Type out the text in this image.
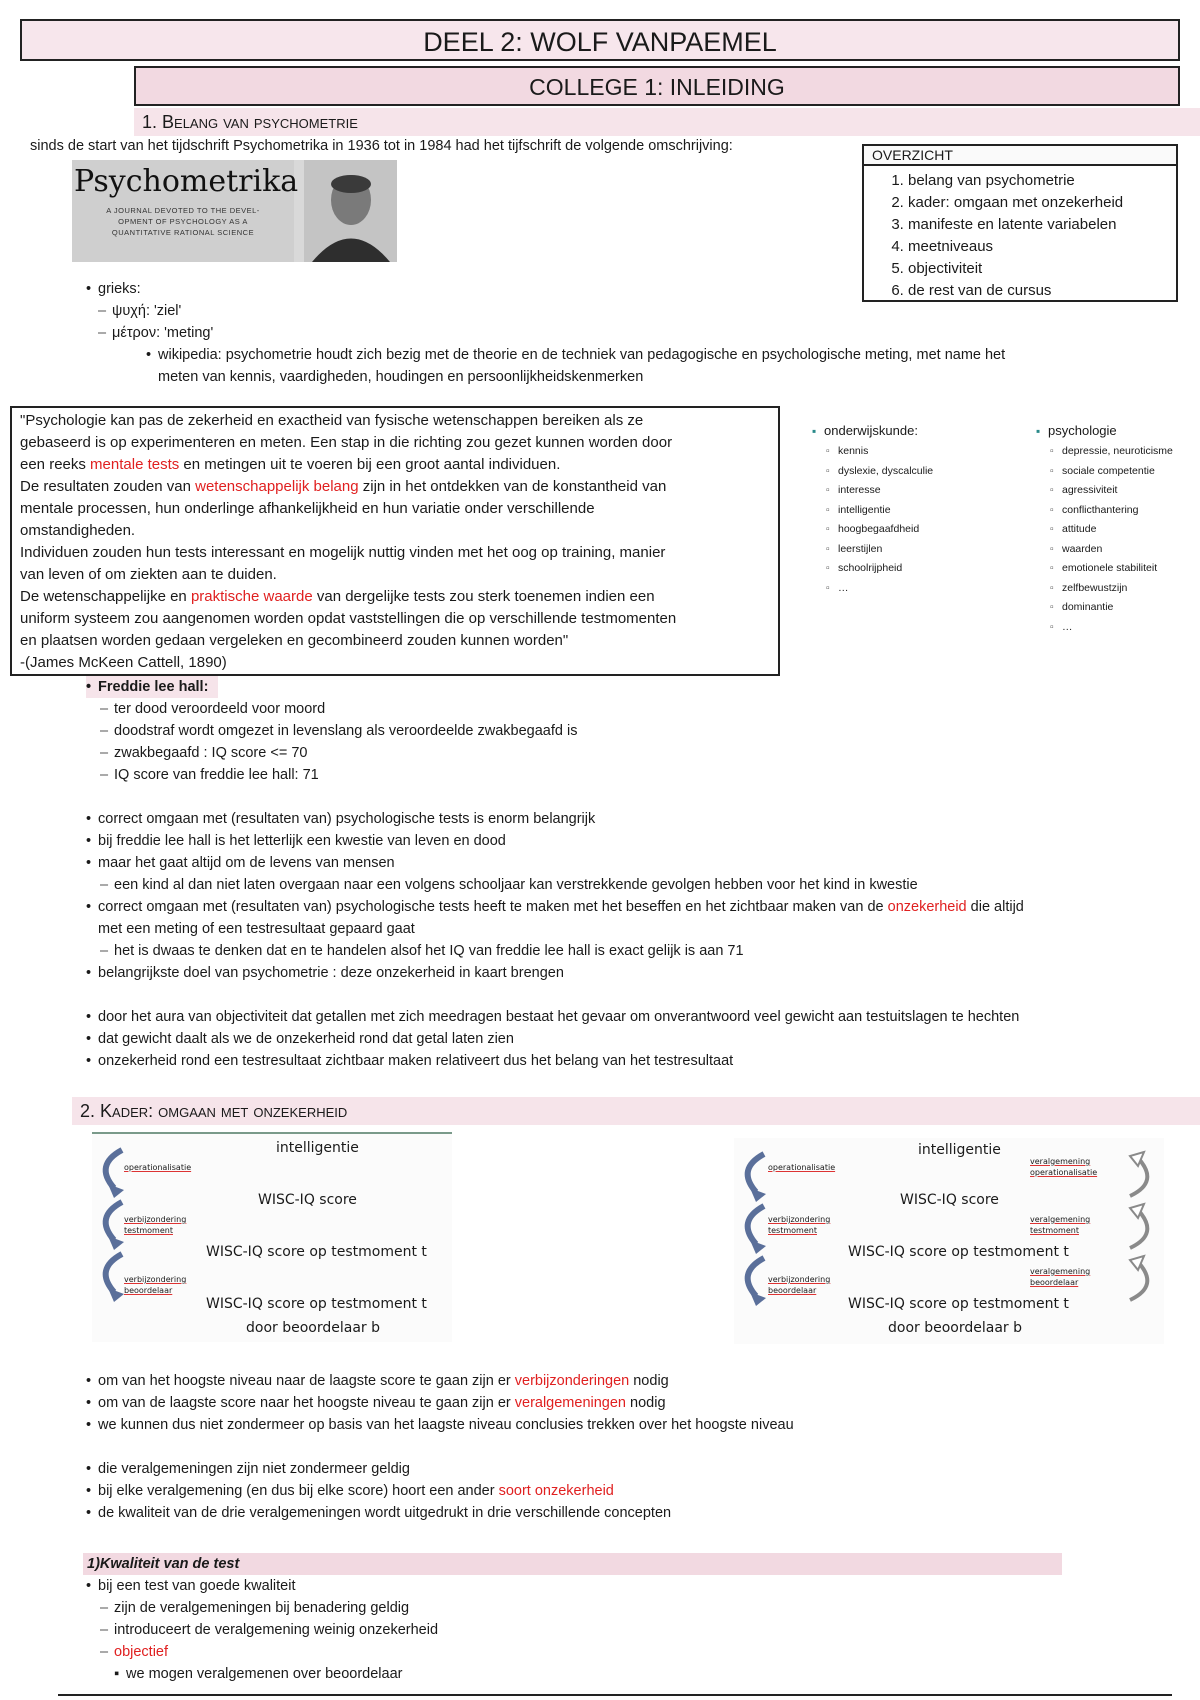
DEEL 2: WOLF VANPAEMEL
COLLEGE 1: INLEIDING
1. Belang van psychometrie
sinds de start van het tijdschrift Psychometrika in 1936 tot in 1984 had het tijfschrift de volgende omschrijving:
Psychometrika
A JOURNAL DEVOTED TO THE DEVEL-
OPMENT OF PSYCHOLOGY AS A
QUANTITATIVE RATIONAL SCIENCE
OVERZICHT
1. belang van psychometrie
2. kader: omgaan met onzekerheid
3. manifeste en latente variabelen
4. meetniveaus
5. objectiviteit
6. de rest van de cursus
• grieks:
– ψυχή: 'ziel'
– μέτρον: 'meting'
• wikipedia: psychometrie houdt zich bezig met de theorie en de techniek van pedagogische en psychologische meting, met name het
meten van kennis, vaardigheden, houdingen en persoonlijkheidskenmerken

"Psychologie kan pas de zekerheid en exactheid van fysische wetenschappen bereiken als ze

gebaseerd is op experimenteren en meten. Een stap in die richting zou gezet kunnen worden door

een reeks mentale tests en metingen uit te voeren bij een groot aantal individuen.

De resultaten zouden van wetenschappelijk belang zijn in het ontdekken van de konstantheid van

mentale processen, hun onderlinge afhankelijkheid en hun variatie onder verschillende

omstandigheden.

Individuen zouden hun tests interessant en mogelijk nuttig vinden met het oog op training, manier

van leven of om ziekten aan te duiden.

De wetenschappelijke en praktische waarde van dergelijke tests zou sterk toenemen indien een

uniform systeem zou aangenomen worden opdat vaststellingen die op verschillende testmomenten

en plaatsen worden gedaan vergeleken en gecombineerd zouden kunnen worden"

-(James McKeen Cattell, 1890)

▪ onderwijskunde:
▫ kennis
▫ dyslexie, dyscalculie
▫ interesse
▫ intelligentie
▫ hoogbegaafdheid
▫ leerstijlen
▫ schoolrijpheid
▫ …
▪ psychologie
▫ depressie, neuroticisme
▫ sociale competentie
▫ agressiviteit
▫ conflicthantering
▫ attitude
▫ waarden
▫ emotionele stabiliteit
▫ zelfbewustzijn
▫ dominantie
▫ …
• Freddie lee hall:
– ter dood veroordeeld voor moord
– doodstraf wordt omgezet in levenslang als veroordeelde zwakbegaafd is
– zwakbegaafd : IQ score <= 70
– IQ score van freddie lee hall: 71
• correct omgaan met (resultaten van) psychologische tests is enorm belangrijk
• bij freddie lee hall is het letterlijk een kwestie van leven en dood
• maar het gaat altijd om de levens van mensen
– een kind al dan niet laten overgaan naar een volgens schooljaar kan verstrekkende gevolgen hebben voor het kind in kwestie
• correct omgaan met (resultaten van) psychologische tests heeft te maken met het beseffen en het zichtbaar maken van de onzekerheid die altijd
met een meting of een testresultaat gepaard gaat
– het is dwaas te denken dat en te handelen alsof het IQ van freddie lee hall is exact gelijk is aan 71
• belangrijkste doel van psychometrie : deze onzekerheid in kaart brengen
• door het aura van objectiviteit dat getallen met zich meedragen bestaat het gevaar om onverantwoord veel gewicht aan testuitslagen te hechten
• dat gewicht daalt als we de onzekerheid rond dat getal laten zien
• onzekerheid rond een testresultaat zichtbaar maken relativeert dus het belang van het testresultaat
2. Kader: omgaan met onzekerheid
intelligentie
operationalisatie
WISC-IQ score
verbijzondering
testmoment
WISC-IQ score op testmoment t
verbijzondering
beoordelaar
WISC-IQ score op testmoment t
door beoordelaar b
intelligentie
operationalisatie
veralgemening
operationalisatie
WISC-IQ score
verbijzondering
testmoment
veralgemening
testmoment
WISC-IQ score op testmoment t
verbijzondering
beoordelaar
veralgemening
beoordelaar
WISC-IQ score op testmoment t
door beoordelaar b
• om van het hoogste niveau naar de laagste score te gaan zijn er verbijzonderingen nodig
• om van de laagste score naar het hoogste niveau te gaan zijn er veralgemeningen nodig
• we kunnen dus niet zondermeer op basis van het laagste niveau conclusies trekken over het hoogste niveau
• die veralgemeningen zijn niet zondermeer geldig
• bij elke veralgemening (en dus bij elke score) hoort een ander soort onzekerheid
• de kwaliteit van de drie veralgemeningen wordt uitgedrukt in drie verschillende concepten
1)Kwaliteit van de test
• bij een test van goede kwaliteit
– zijn de veralgemeningen bij benadering geldig
– introduceert de veralgemening weinig onzekerheid
– objectief
▪ we mogen veralgemenen over beoordelaar
